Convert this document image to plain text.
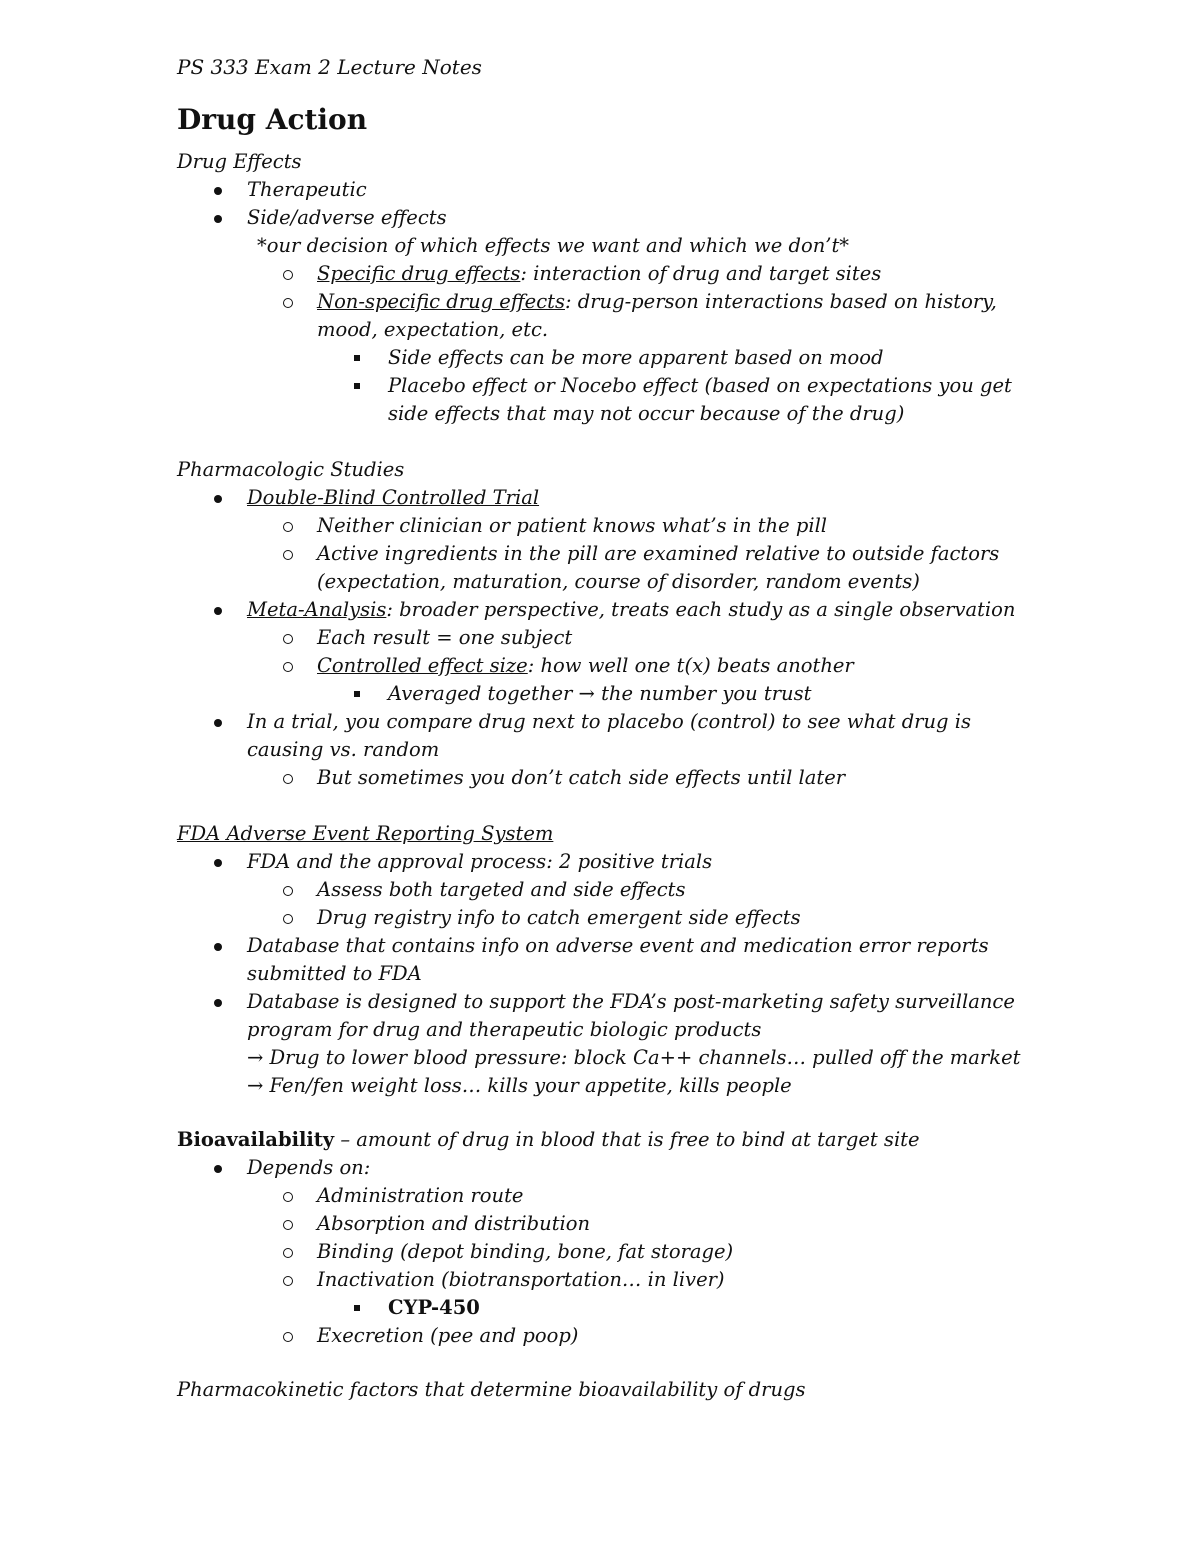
PS 333 Exam 2 Lecture Notes
Drug Action
Drug Effects
Therapeutic
Side/adverse effects
*our decision of which effects we want and which we don’t*
Specific drug effects: interaction of drug and target sites
Non-specific drug effects: drug-person interactions based on history,
mood, expectation, etc.
Side effects can be more apparent based on mood
Placebo effect or Nocebo effect (based on expectations you get
side effects that may not occur because of the drug)
Pharmacologic Studies
Double-Blind Controlled Trial
Neither clinician or patient knows what’s in the pill
Active ingredients in the pill are examined relative to outside factors
(expectation, maturation, course of disorder, random events)
Meta-Analysis: broader perspective, treats each study as a single observation
Each result = one subject
Controlled effect size: how well one t(x) beats another
Averaged together → the number you trust
In a trial, you compare drug next to placebo (control) to see what drug is
causing vs. random
But sometimes you don’t catch side effects until later
FDA Adverse Event Reporting System
FDA and the approval process: 2 positive trials
Assess both targeted and side effects
Drug registry info to catch emergent side effects
Database that contains info on adverse event and medication error reports
submitted to FDA
Database is designed to support the FDA’s post-marketing safety surveillance
program for drug and therapeutic biologic products
→ Drug to lower blood pressure: block Ca++ channels… pulled off the market
→ Fen/fen weight loss… kills your appetite, kills people
Bioavailability – amount of drug in blood that is free to bind at target site
Depends on:
Administration route
Absorption and distribution
Binding (depot binding, bone, fat storage)
Inactivation (biotransportation… in liver)
CYP-450
Execretion (pee and poop)
Pharmacokinetic factors that determine bioavailability of drugs
